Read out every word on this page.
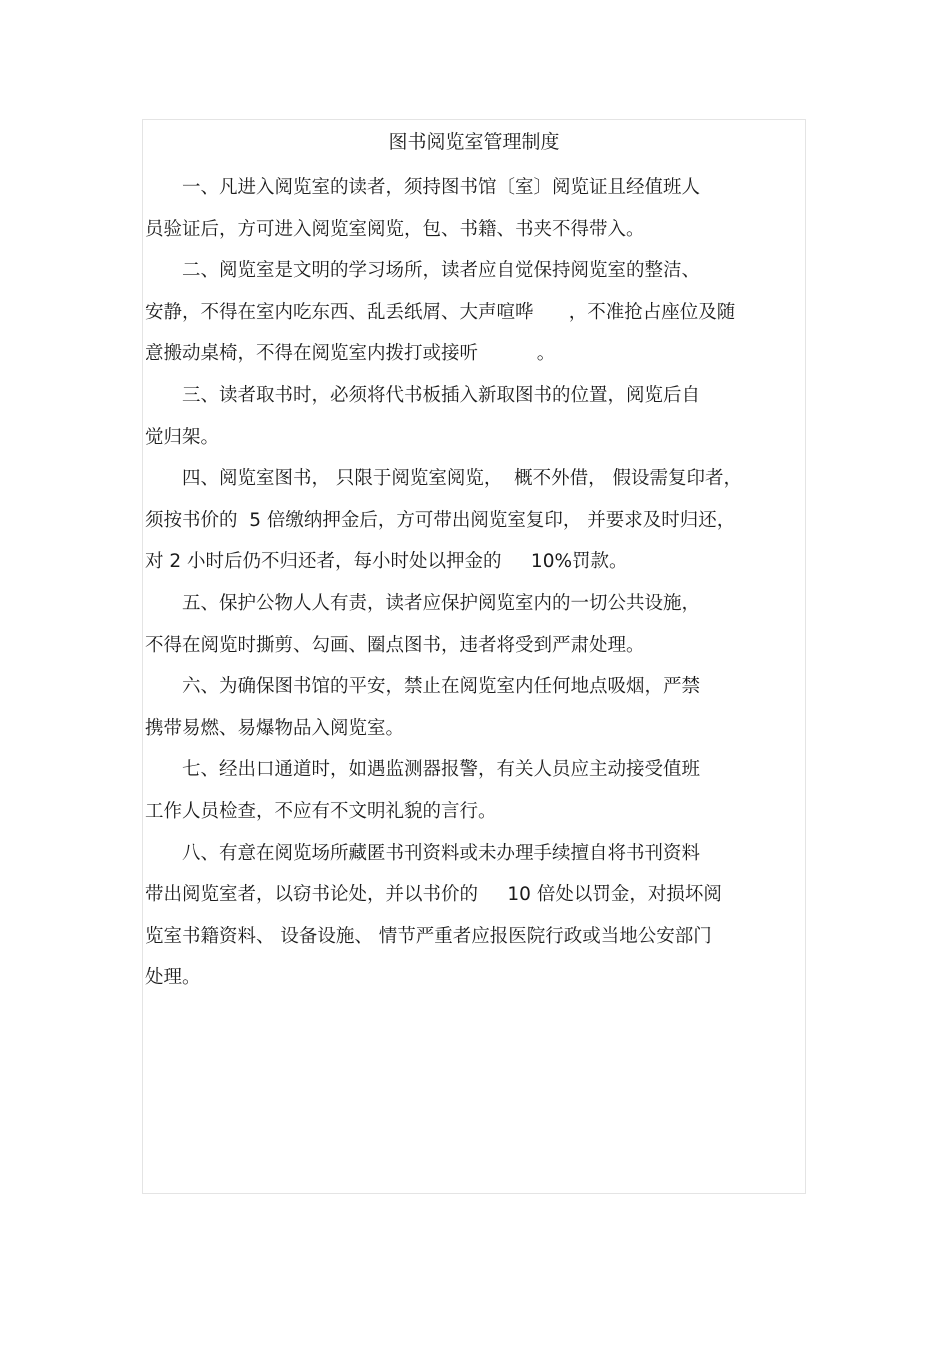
图书阅览室管理制度
一、凡进入阅览室的读者，须持图书馆〔室〕阅览证且经值班人
员验证后，方可进入阅览室阅览，包、书籍、书夹不得带入。
二、阅览室是文明的学习场所，读者应自觉保持阅览室的整洁、
安静，不得在室内吃东西、乱丢纸屑、大声喧哗      ，不准抢占座位及随
意搬动桌椅，不得在阅览室内拨打或接听          。
三、读者取书时，必须将代书板插入新取图书的位置，阅览后自
觉归架。
四、阅览室图书， 只限于阅览室阅览，  概不外借， 假设需复印者，
须按书价的  5 倍缴纳押金后，方可带出阅览室复印， 并要求及时归还，
对 2 小时后仍不归还者，每小时处以押金的     10%罚款。
五、保护公物人人有责，读者应保护阅览室内的一切公共设施，
不得在阅览时撕剪、勾画、圈点图书，违者将受到严肃处理。
六、为确保图书馆的平安，禁止在阅览室内任何地点吸烟，严禁
携带易燃、易爆物品入阅览室。
七、经出口通道时，如遇监测器报警，有关人员应主动接受值班
工作人员检查，不应有不文明礼貌的言行。
八、有意在阅览场所藏匿书刊资料或未办理手续擅自将书刊资料
带出阅览室者，以窃书论处，并以书价的     10 倍处以罚金，对损坏阅
览室书籍资料、 设备设施、 情节严重者应报医院行政或当地公安部门
处理。
